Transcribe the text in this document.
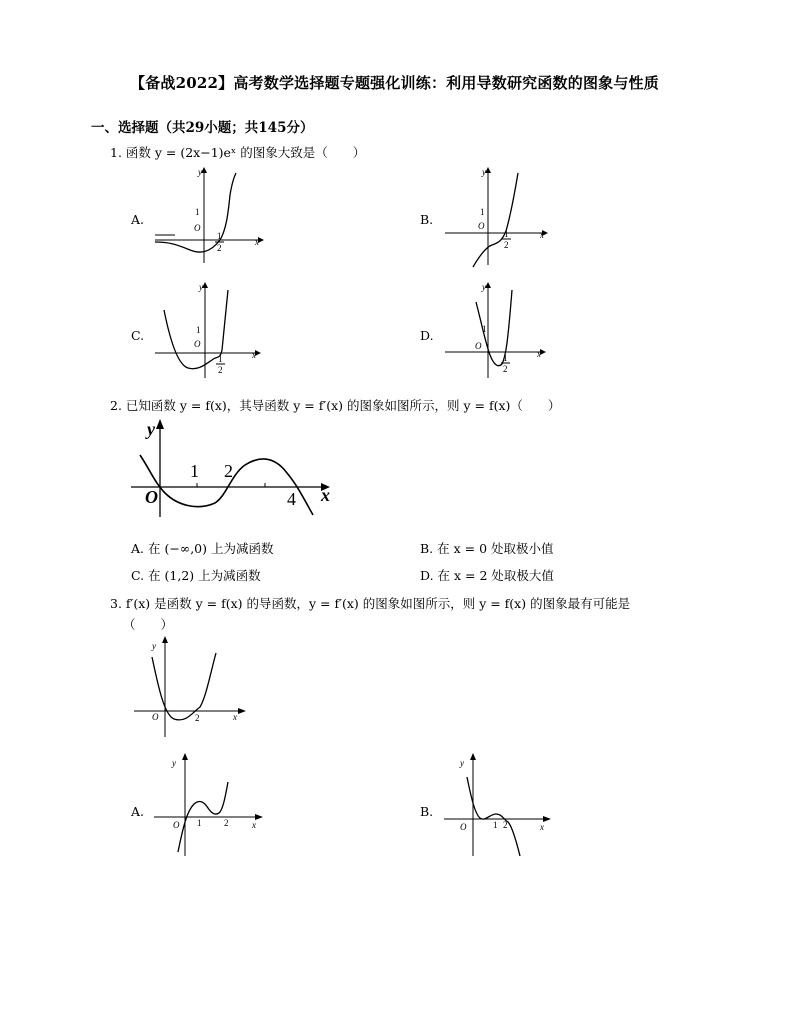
【备战2022】高考数学选择题专题强化训练：利用导数研究函数的图象与性质
一、选择题（共29小题；共145分）
1. 函数 y = (2x−1)eˣ 的图象大致是（　　）
A.
y
x
O
1
1
2
B.
y
x
O
1
1
2
C.
y
x
O
1
1
2
D.
y
x
O
1
1
2
2. 已知函数 y = f(x)，其导函数 y = f′(x) 的图象如图所示，则 y = f(x)（　　）
y
x
O
1 2
4
A. 在 (−∞,0) 上为减函数	B. 在 x = 0 处取极小值
C. 在 (1,2) 上为减函数	D. 在 x = 2 处取极大值
3. f′(x) 是函数 y = f(x) 的导函数，y = f′(x) 的图象如图所示，则 y = f(x) 的图象最有可能是
（　　）
y
x
O	2
A.
y
x
O 1	2
B.
y
x
O	1 2
